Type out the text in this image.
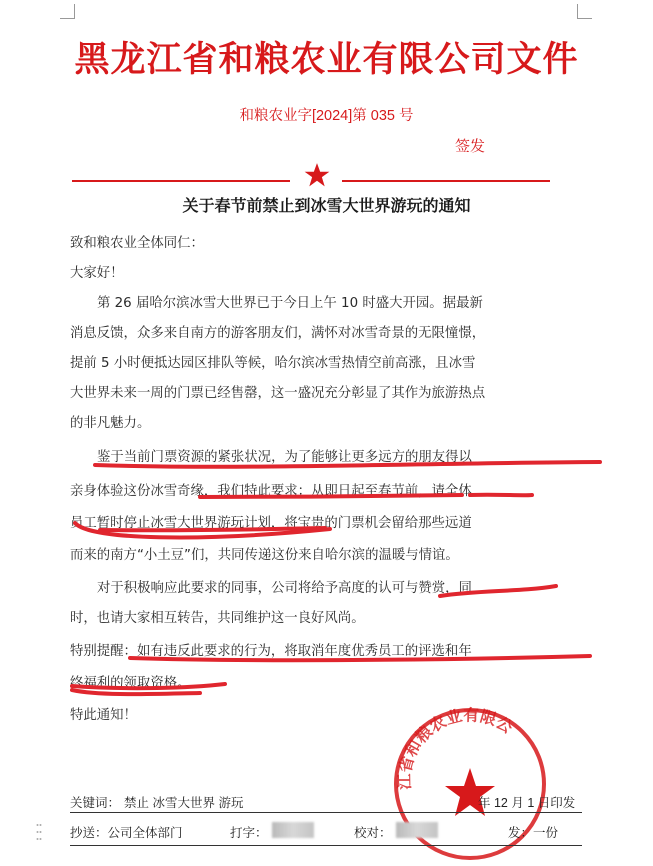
黑龙江省和粮农业有限公司文件
和粮农业字[2024]第 035 号
签发
关于春节前禁止到冰雪大世界游玩的通知
致和粮农业全体同仁：
大家好！
第 26 届哈尔滨冰雪大世界已于今日上午 10 时盛大开园。据最新
消息反馈，众多来自南方的游客朋友们，满怀对冰雪奇景的无限憧憬，
提前 5 小时便抵达园区排队等候，哈尔滨冰雪热情空前高涨，且冰雪
大世界未来一周的门票已经售罄，这一盛况充分彰显了其作为旅游热点
的非凡魅力。
鉴于当前门票资源的紧张状况，为了能够让更多远方的朋友得以
亲身体验这份冰雪奇缘，我们特此要求：从即日起至春节前，请全体
员工暂时停止冰雪大世界游玩计划，将宝贵的门票机会留给那些远道
而来的南方“小土豆”们，共同传递这份来自哈尔滨的温暖与情谊。
对于积极响应此要求的同事，公司将给予高度的认可与赞赏，同
时，也请大家相互转告，共同维护这一良好风尚。
特别提醒：如有违反此要求的行为，将取消年度优秀员工的评选和年
终福利的领取资格。
特此通知！
江省和粮农业有限公
关键词： 禁止 冰雪大世界 游玩	年 12 月 1 日印发
抄送：公司全体部门	打字：	校对：	发：一份
